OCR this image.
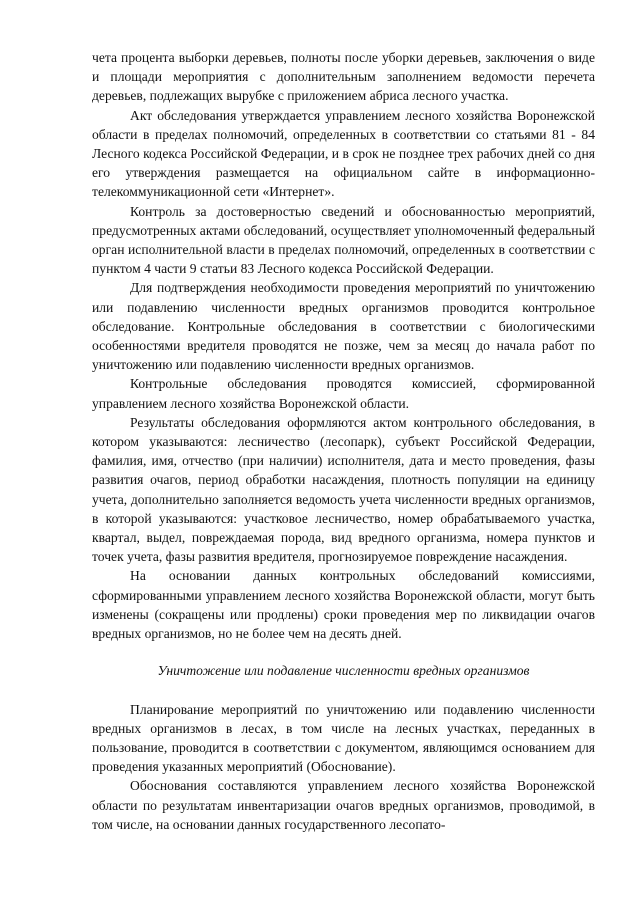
чета процента выборки деревьев, полноты после уборки деревьев, заключения о виде и площади мероприятия с дополнительным заполнением ведомости перечета деревьев, подлежащих вырубке с приложением абриса лесного участка.

Акт обследования утверждается управлением лесного хозяйства Воронежской области в пределах полномочий, определенных в соответствии со статьями 81 - 84 Лесного кодекса Российской Федерации, и в срок не позднее трех рабочих дней со дня его утверждения размещается на официальном сайте в информационно-телекоммуникационной сети «Интернет».

Контроль за достоверностью сведений и обоснованностью мероприятий, предусмотренных актами обследований, осуществляет уполномоченный федеральный орган исполнительной власти в пределах полномочий, определенных в соответствии с пунктом 4 части 9 статьи 83 Лесного кодекса Российской Федерации.

Для подтверждения необходимости проведения мероприятий по уничтожению или подавлению численности вредных организмов проводится контрольное обследование. Контрольные обследования в соответствии с биологическими особенностями вредителя проводятся не позже, чем за месяц до начала работ по уничтожению или подавлению численности вредных организмов.

Контрольные обследования проводятся комиссией, сформированной управлением лесного хозяйства Воронежской области.

Результаты обследования оформляются актом контрольного обследования, в котором указываются: лесничество (лесопарк), субъект Российской Федерации, фамилия, имя, отчество (при наличии) исполнителя, дата и место проведения, фазы развития очагов, период обработки насаждения, плотность популяции на единицу учета, дополнительно заполняется ведомость учета численности вредных организмов, в которой указываются: участковое лесничество, номер обрабатываемого участка, квартал, выдел, повреждаемая порода, вид вредного организма, номера пунктов и точек учета, фазы развития вредителя, прогнозируемое повреждение насаждения.

На основании данных контрольных обследований комиссиями, сформированными управлением лесного хозяйства Воронежской области, могут быть изменены (сокращены или продлены) сроки проведения мер по ликвидации очагов вредных организмов, но не более чем на десять дней.

Уничтожение или подавление численности вредных организмов

Планирование мероприятий по уничтожению или подавлению численности вредных организмов в лесах, в том числе на лесных участках, переданных в пользование, проводится в соответствии с документом, являющимся основанием для проведения указанных мероприятий (Обоснование).

Обоснования составляются управлением лесного хозяйства Воронежской области по результатам инвентаризации очагов вредных организмов, проводимой, в том числе, на основании данных государственного лесопато-
